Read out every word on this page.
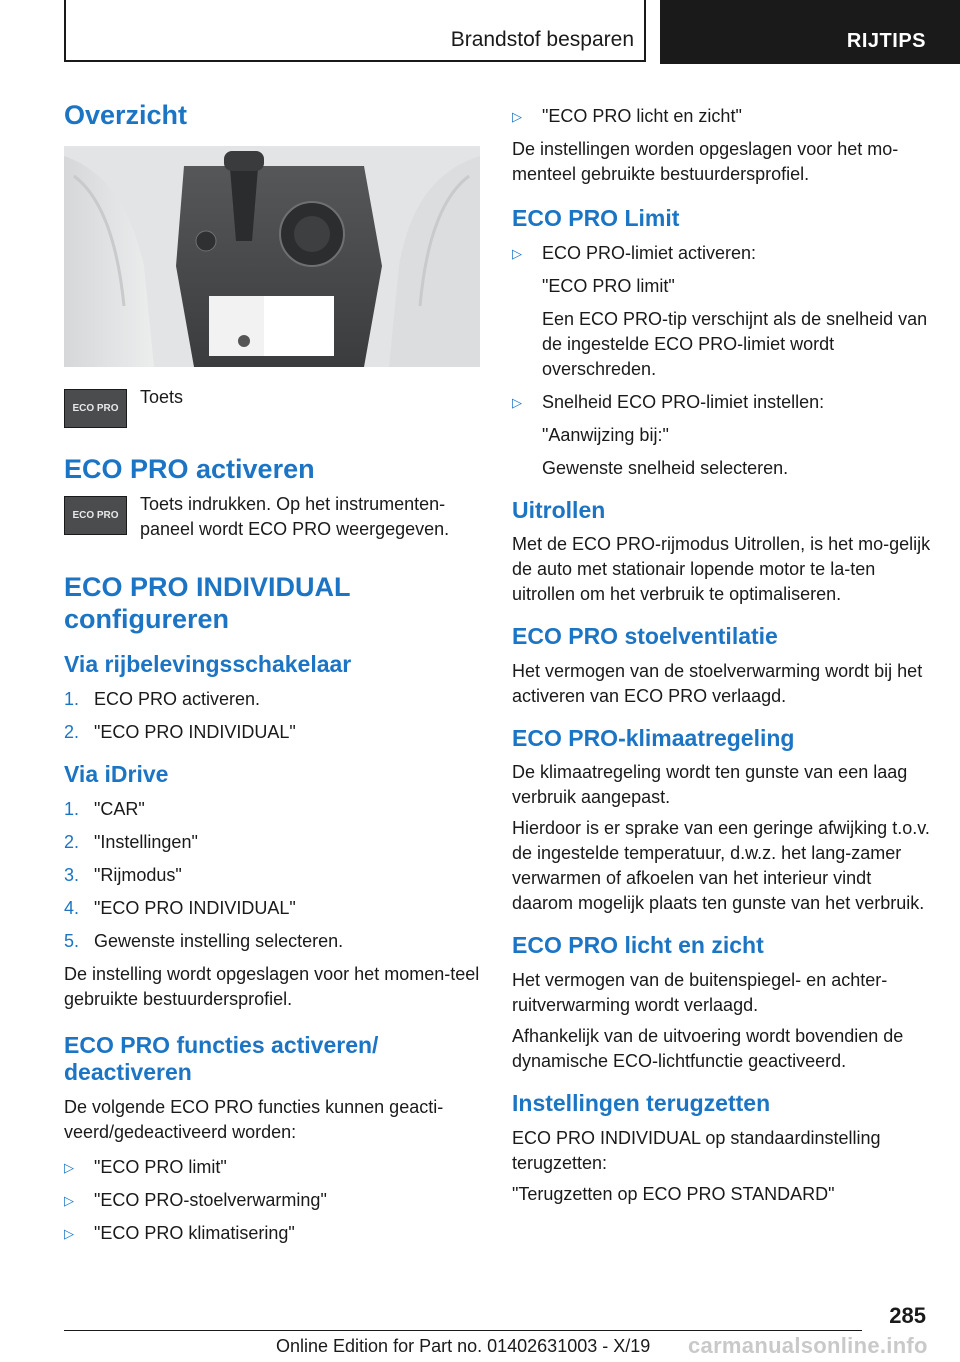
Brandstof besparen	RIJTIPS
Overzicht
ECO PRO

Toets

ECO PRO activeren
ECO PRO

Toets indrukken. Op het instrumenten-paneel wordt ECO PRO weergegeven.

ECO PRO INDIVIDUAL configureren
Via rijbelevingsschakelaar
1. ECO PRO activeren.
2. "ECO PRO INDIVIDUAL"
Via iDrive
1. "CAR"
2. "Instellingen"
3. "Rijmodus"
4. "ECO PRO INDIVIDUAL"
5. Gewenste instelling selecteren.

De instelling wordt opgeslagen voor het momen-teel gebruikte bestuurdersprofiel.

ECO PRO functies activeren/ deactiveren

De volgende ECO PRO functies kunnen geacti-veerd/gedeactiveerd worden:

▷ "ECO PRO limit"
▷ "ECO PRO-stoelverwarming"
▷ "ECO PRO klimatisering"
▷ "ECO PRO licht en zicht"

De instellingen worden opgeslagen voor het mo-menteel gebruikte bestuurdersprofiel.

ECO PRO Limit
▷ ECO PRO-limiet activeren:
"ECO PRO limit"
Een ECO PRO-tip verschijnt als de snelheid van de ingestelde ECO PRO-limiet wordt overschreden.
▷ Snelheid ECO PRO-limiet instellen:
"Aanwijzing bij:"
Gewenste snelheid selecteren.
Uitrollen

Met de ECO PRO-rijmodus Uitrollen, is het mo-gelijk de auto met stationair lopende motor te la-ten uitrollen om het verbruik te optimaliseren.

ECO PRO stoelventilatie

Het vermogen van de stoelverwarming wordt bij het activeren van ECO PRO verlaagd.

ECO PRO-klimaatregeling

De klimaatregeling wordt ten gunste van een laag verbruik aangepast.

Hierdoor is er sprake van een geringe afwijking t.o.v. de ingestelde temperatuur, d.w.z. het lang-zamer verwarmen of afkoelen van het interieur vindt daarom mogelijk plaats ten gunste van het verbruik.

ECO PRO licht en zicht

Het vermogen van de buitenspiegel- en achter-ruitverwarming wordt verlaagd.

Afhankelijk van de uitvoering wordt bovendien de dynamische ECO-lichtfunctie geactiveerd.

Instellingen terugzetten

ECO PRO INDIVIDUAL op standaardinstelling terugzetten:

"Terugzetten op ECO PRO STANDARD"

285
Online Edition for Part no. 01402631003 - X/19 carmanualsonline.info
